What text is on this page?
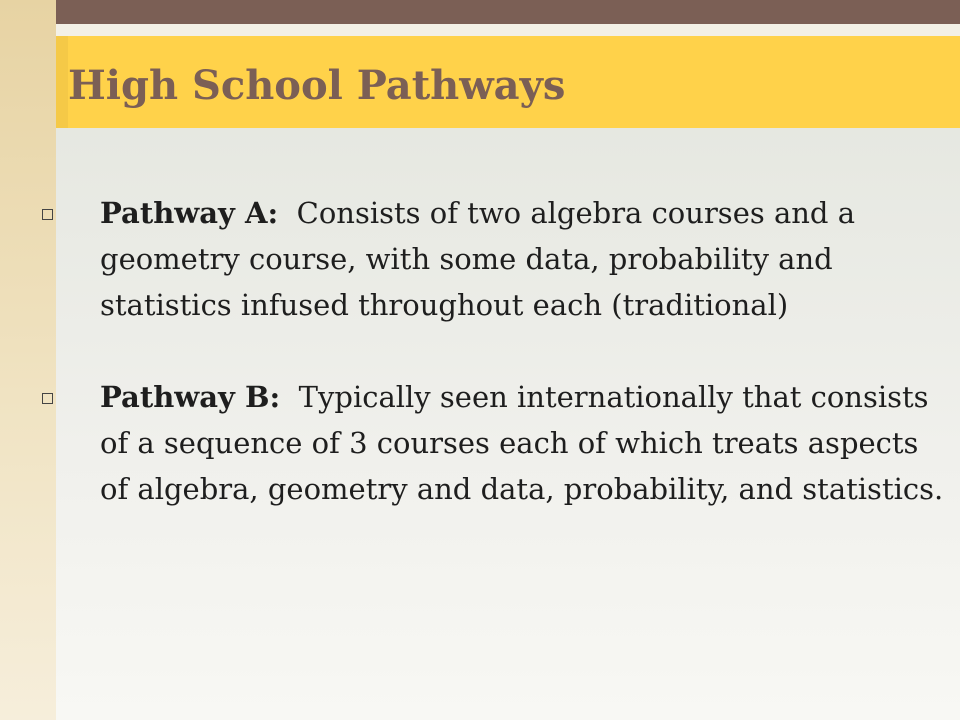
High School Pathways
Pathway A:  Consists of two algebra courses and a geometry course, with some data, probability and statistics infused throughout each (traditional)
Pathway B:  Typically seen internationally that consists of a sequence of 3 courses each of which treats aspects of algebra, geometry and data, probability, and statistics.
